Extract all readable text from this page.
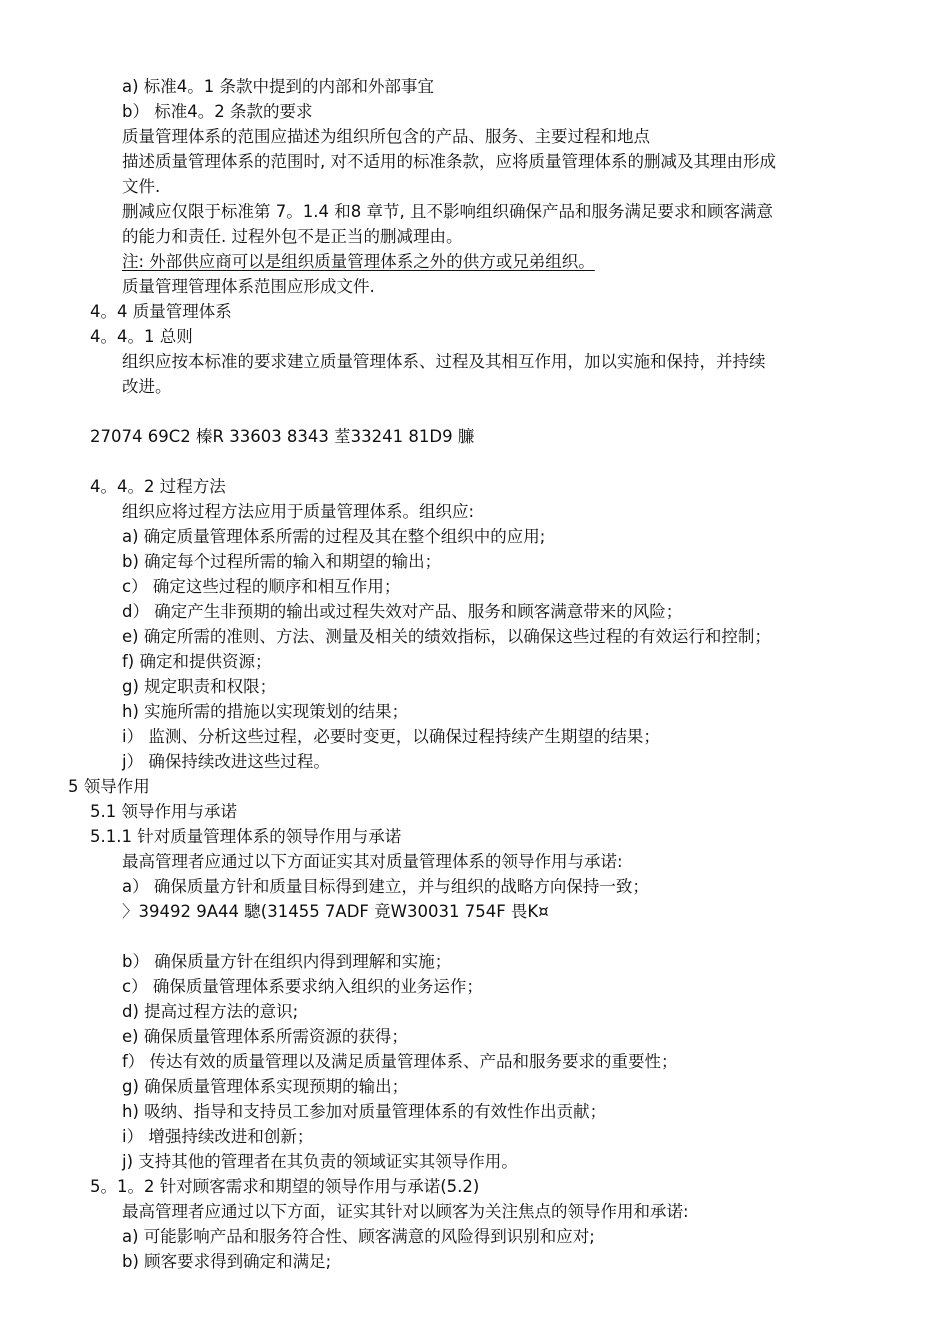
a) 标准4。1 条款中提到的内部和外部事宜
b） 标准4。2 条款的要求
质量管理体系的范围应描述为组织所包含的产品、服务、主要过程和地点
描述质量管理体系的范围时, 对不适用的标准条款，应将质量管理体系的删减及其理由形成
文件.
删减应仅限于标准第 7。1.4 和8 章节, 且不影响组织确保产品和服务满足要求和顾客满意
的能力和责任. 过程外包不是正当的删减理由。
注: 外部供应商可以是组织质量管理体系之外的供方或兄弟组织。
质量管理管理体系范围应形成文件.
4。4 质量管理体系
4。4。1 总则
组织应按本标准的要求建立质量管理体系、过程及其相互作用，加以实施和保持，并持续
改进。
27074 69C2 榛R 33603 8343 荎33241 81D9 臁
4。4。2 过程方法
组织应将过程方法应用于质量管理体系。组织应:
a) 确定质量管理体系所需的过程及其在整个组织中的应用;
b) 确定每个过程所需的输入和期望的输出；
c） 确定这些过程的顺序和相互作用；
d） 确定产生非预期的输出或过程失效对产品、服务和顾客满意带来的风险；
e) 确定所需的准则、方法、测量及相关的绩效指标，以确保这些过程的有效运行和控制；
f) 确定和提供资源；
g) 规定职责和权限；
h) 实施所需的措施以实现策划的结果；
i） 监测、分析这些过程，必要时变更，以确保过程持续产生期望的结果；
j） 确保持续改进这些过程。
5 领导作用
5.1 领导作用与承诺
5.1.1 针对质量管理体系的领导作用与承诺
最高管理者应通过以下方面证实其对质量管理体系的领导作用与承诺:
a） 确保质量方针和质量目标得到建立，并与组织的战略方向保持一致；
〉39492 9A44 驄(31455 7ADF 竟W30031 754F 畏K¤
b） 确保质量方针在组织内得到理解和实施；
c） 确保质量管理体系要求纳入组织的业务运作；
d) 提高过程方法的意识;
e) 确保质量管理体系所需资源的获得；
f） 传达有效的质量管理以及满足质量管理体系、产品和服务要求的重要性；
g) 确保质量管理体系实现预期的输出；
h) 吸纳、指导和支持员工参加对质量管理体系的有效性作出贡献；
i） 增强持续改进和创新；
j) 支持其他的管理者在其负责的领域证实其领导作用。
5。1。2 针对顾客需求和期望的领导作用与承诺(5.2)
最高管理者应通过以下方面，证实其针对以顾客为关注焦点的领导作用和承诺:
a) 可能影响产品和服务符合性、顾客满意的风险得到识别和应对;
b) 顾客要求得到确定和满足;
